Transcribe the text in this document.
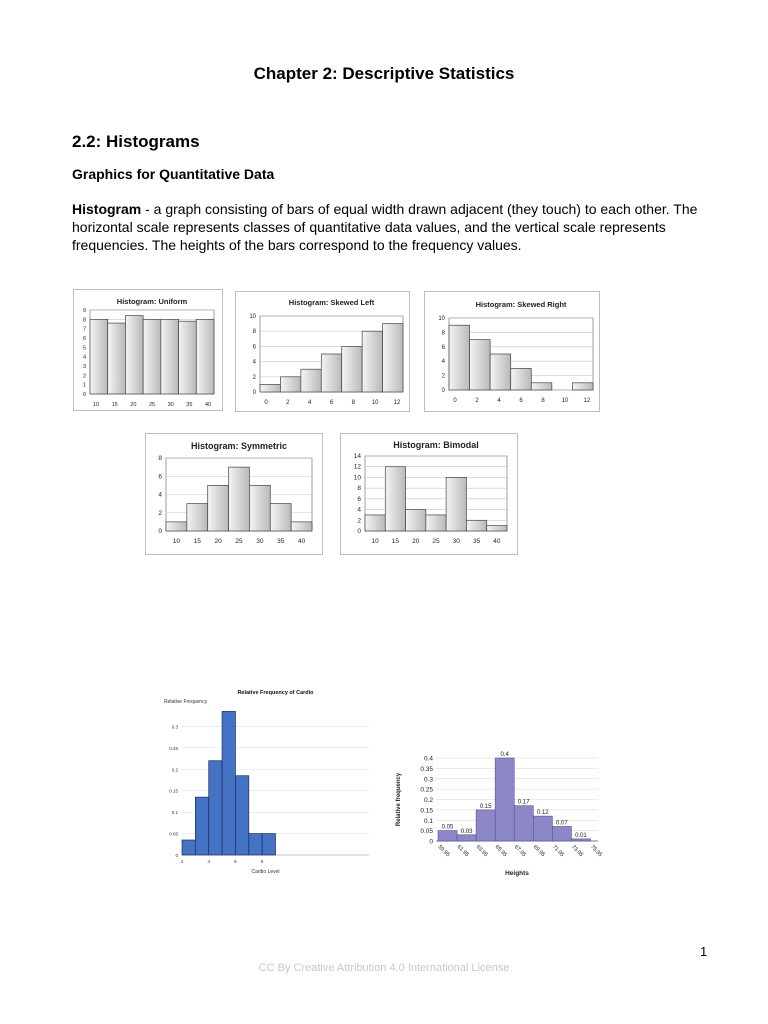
Chapter 2: Descriptive Statistics
2.2: Histograms
Graphics for Quantitative Data
Histogram - a graph consisting of bars of equal width drawn adjacent (they touch) to each other. The horizontal scale represents classes of quantitative data values, and the vertical scale represents frequencies. The heights of the bars correspond to the frequency values.
Histogram: Uniform
0
1
2
3
4
5
6
7
8
9
10 15 20 25 30 35 40
Histogram: Skewed Left
0
2
4
6
8
10
0	2	4	6	8	10	12
Histogram: Skewed Right
0
2
4
6
8
10
0	2	4	6	8	10	12
Histogram: Symmetric
0
2
4
6
8
10 15 20 25 30 35 40
Histogram: Bimodal
0
2
4
6
8
10
12
14
10 15 20 25 30 35 40
Relative Frequency of Cardio
Relative Frequency
0
0.05
0.1
0.15
0.2
0.25
0.3
2	4	6	8
Cardio Level
Relative frequency
0
0.05
0.1
0.15
0.2
0.25
0.3
0.35
0.4
0.05
0.03
0.15
0.4
0.17
0.12
0.07
0.01
59.95 61.95 63.95 65.95 67.95 69.95 71.95 73.95 75.95
Heights
1
CC By Creative Attribution 4.0 International License
